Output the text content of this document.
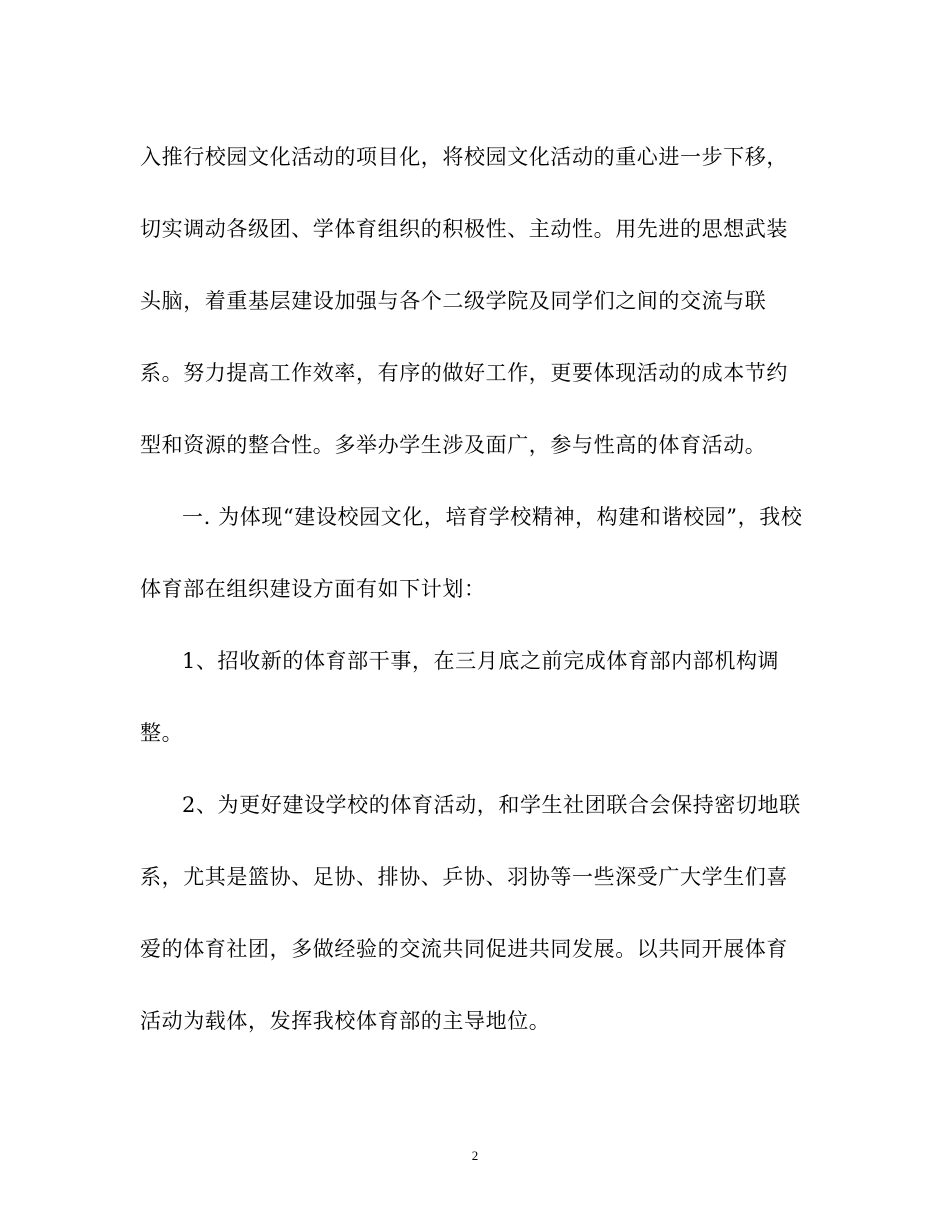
入推行校园文化活动的项目化，将校园文化活动的重心进一步下移，
切实调动各级团、学体育组织的积极性、主动性。用先进的思想武装
头脑，着重基层建设加强与各个二级学院及同学们之间的交流与联
系。努力提高工作效率，有序的做好工作，更要体现活动的成本节约
型和资源的整合性。多举办学生涉及面广，参与性高的体育活动。
一. 为体现“建设校园文化，培育学校精神，构建和谐校园”，我校
体育部在组织建设方面有如下计划：
1、招收新的体育部干事，在三月底之前完成体育部内部机构调
整。
2、为更好建设学校的体育活动，和学生社团联合会保持密切地联
系，尤其是篮协、足协、排协、乒协、羽协等一些深受广大学生们喜
爱的体育社团，多做经验的交流共同促进共同发展。以共同开展体育
活动为载体，发挥我校体育部的主导地位。
2
